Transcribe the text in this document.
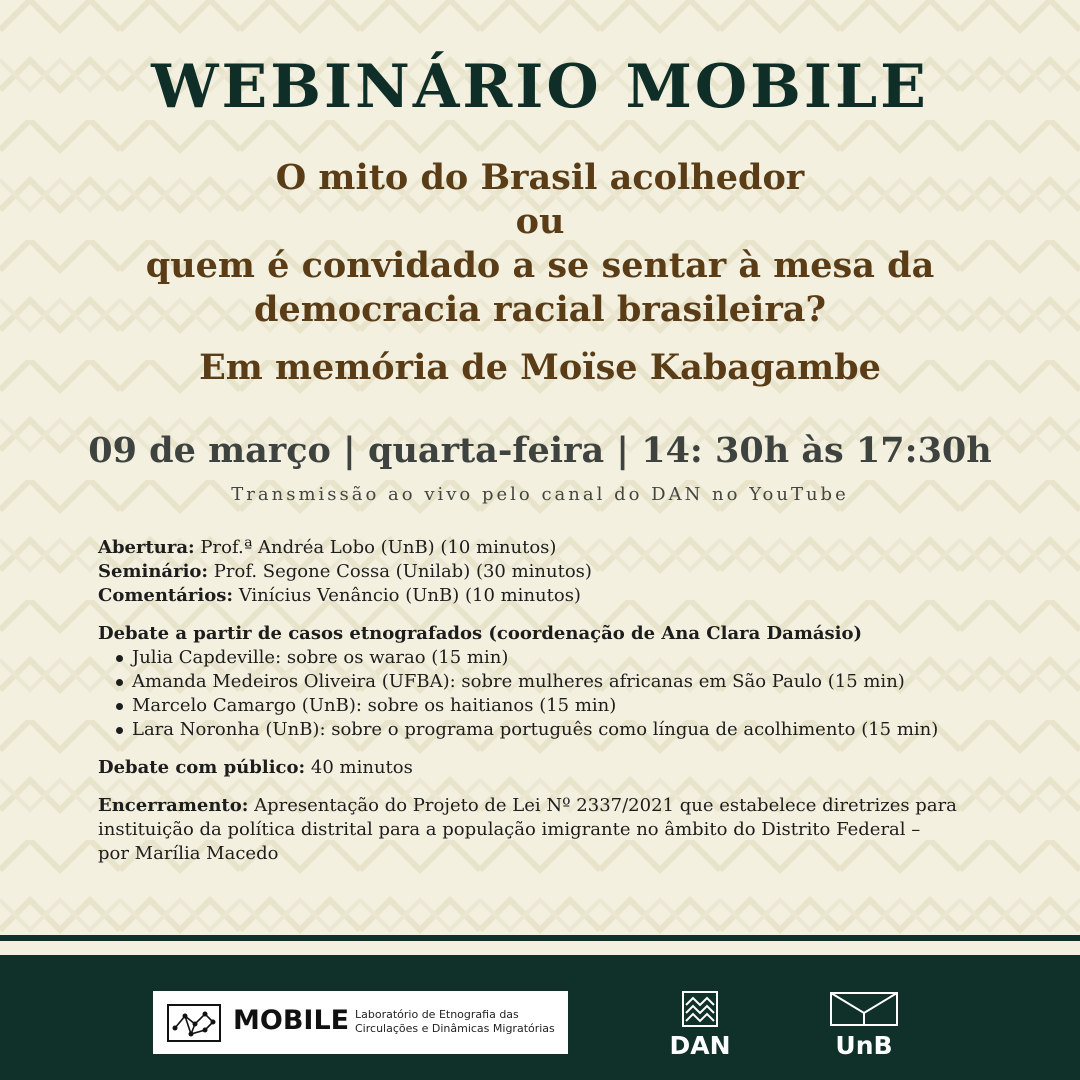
WEBINÁRIO MOBILE
O mito do Brasil acolhedor
ou
quem é convidado a se sentar à mesa da
democracia racial brasileira?
Em memória de Moïse Kabagambe
09 de março | quarta-feira | 14: 30h às 17:30h
Transmissão ao vivo pelo canal do DAN no YouTube
Abertura: Prof.ª Andréa Lobo (UnB) (10 minutos)
Seminário: Prof. Segone Cossa (Unilab) (30 minutos)
Comentários: Vinícius Venâncio (UnB) (10 minutos)
Debate a partir de casos etnografados (coordenação de Ana Clara Damásio)
Julia Capdeville: sobre os warao (15 min)
Amanda Medeiros Oliveira (UFBA): sobre mulheres africanas em São Paulo (15 min)
Marcelo Camargo (UnB): sobre os haitianos (15 min)
Lara Noronha (UnB): sobre o programa português como língua de acolhimento (15 min)
Debate com público: 40 minutos
Encerramento: Apresentação do Projeto de Lei Nº 2337/2021 que estabelece diretrizes para
instituição da política distrital para a população imigrante no âmbito do Distrito Federal –
por Marília Macedo
MOBILE Laboratório de Etnografia das
Circulações e Dinâmicas Migratórias
DAN	UnB
